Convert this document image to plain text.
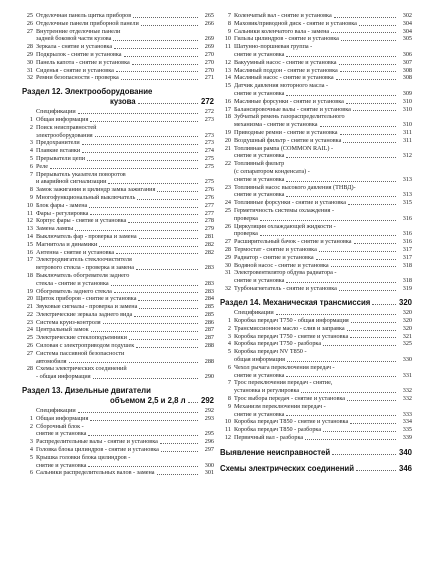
25 Отделочная панель щитка приборов	265
26 Отделочные панели приборной панели	266
27 Внутренние отделочные панели
задней боковой части кузова	269
28 Зеркала - снятие и установка	269
29 Подкрылок - снятие и установка	270
30 Панель капота - снятие и установка	270
31 Сиденья - снятие и установка	270
32 Ремни безопасности - проверка	271
Раздел 12. Электрооборудование
кузова	272
Спецификации	272
1 Общая информация	273
2 Поиск неисправностей
электрооборудования	273
3 Предохранители	273
4 Плавкие вставки	274
5 Прерыватели цепи	275
6 Реле	275
7 Прерыватель указателя поворотов
и аварийной сигнализации	275
8 Замок зажигания и цилиндр замка зажигания	276
9 Многофункциональный выключатель	276
10 Блок фары - замена	277
11 Фары - регулировка	277
12 Корпус фары - снятие и установка	278
13 Замена лампы	279
14 Выключатель фар - проверка и замена	281
15 Магнитола и динамики	282
16 Антенна - снятие и установка	282
17 Электродвигатель стеклоочистителя
ветрового стекла - проверка и замена	283
18 Выключатель обогревателя заднего
стекла - снятие и установка	283
19 Обогреватель заднего стекла	283
20 Щиток приборов - снятие и установка	284
21 Звуковые сигналы - проверка и замена	285
22 Электрические зеркала заднего вида	285
23 Система круиз-контроля	286
24 Центральный замок	287
25 Электрические стеклоподъемники	287
26 Силовая с электроприводом подушек	288
27 Система пассивной безопасности
автомобиля	288
28 Схемы электрических соединений
- общая информация	290
Раздел 13. Дизельные двигатели
объемом 2,5 и 2,8 л 292
Спецификации	292
1 Общая информация	293
2 Сборочный блок -
снятие и установка	295
3 Распределительные валы - снятие и установка	296
4 Головка блока цилиндров - снятие и установка	297
5 Крышка головки блока цилиндров -
снятие и установка	300
6 Сальники распределительных валов - замена	301
7 Коленчатый вал - снятие и установка	302
8 Маховик/приводной диск - снятие и установка	304
9 Сальники коленчатого вала - замена	304
10 Гильзы цилиндров - снятие и установка	305
11 Шатунно-поршневая группа -
снятие и установка	306
12 Вакуумный насос - снятие и установка	307
13 Масляный поддон - снятие и установка	308
14 Масляный насос - снятие и установка	308
15 Датчик давления моторного масла -
снятие и установка	309
16 Масляные форсунки - снятие и установка	310
17 Балансировочные валы - снятие и установка	310
18 Зубчатый ремень газораспределительного
механизма - снятие и установка	310
19 Приводные ремни - снятие и установка	311
20 Воздушный фильтр - снятие и установка	311
21 Топливная рампа (COMMON RAIL) -
снятие и установка	312
22 Топливный фильтр
(с сепаратором конденсата) -
снятие и установка	313
23 Топливный насос высокого давления (ТНВД)-
снятие и установка	313
24 Топливные форсунки - снятие и установка	315
25 Герметичность системы охлаждения -
проверка	316
26 Циркуляция охлаждающей жидкости -
проверка	316
27 Расширительный бачок - снятие и установка	316
28 Термостат - снятие и установка	317
29 Радиатор - снятие и установка	317
30 Водяной насос - снятие и установка	318
31 Электровентилятор обдува радиатора -
снятие и установка	318
32 Турбонагнетатель - снятие и установка	319
Раздел 14. Механическая трансмиссия	320
Спецификации	320
1 Коробка передач T750 - общая информация	320
2 Трансмиссионное масло - слив и заправка	320
3 Коробка передач T750 - снятие и установка	321
4 Коробка передач T750 - разборка	325
5 Коробка передач NV T850 -
общая информация	330
6 Чехол рычага переключения передач -
снятие и установка	331
7 Трос переключения передач - снятие,
установка и регулировка	332
8 Трос выбора передач - снятие и установка	332
9 Механизм переключения передач -
снятие и установка	333
10 Коробка передач T850 - снятие и установка	334
11 Коробка передач T850 - разборка	335
12 Первичный вал - разборка	339
Выявление неисправностей	340
Схемы электрических соединений	346
